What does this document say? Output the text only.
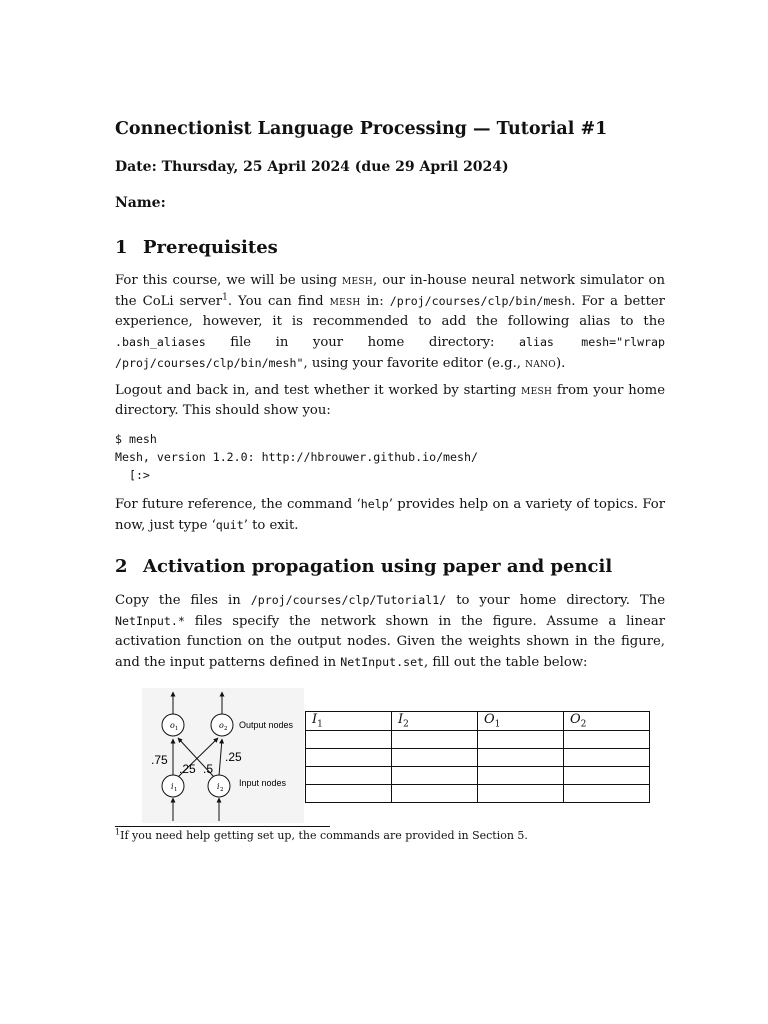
Connectionist Language Processing — Tutorial #1
Date: Thursday, 25 April 2024 (due 29 April 2024)
Name:
1 Prerequisites
For this course, we will be using mesh, our in-house neural network simulator on the CoLi server$^1$. You can find mesh in: /proj/courses/clp/bin/mesh. For a better experience, however, it is recommended to add the following alias to the .bash_aliases file in your home directory: alias mesh="rlwrap /proj/courses/clp/bin/mesh", using your favorite editor (e.g., nano).
Logout and back in, and test whether it worked by starting mesh from your home directory. This should show you:
$ mesh
Mesh, version 1.2.0: http://hbrouwer.github.io/mesh/
[:>
For future reference, the command ‘help’ provides help on a variety of topics. For now, just type ‘quit’ to exit.
2 Activation propagation using paper and pencil
Copy the files in /proj/courses/clp/Tutorial1/ to your home directory. The NetInput.* files specify the network shown in the figure. Assume a linear activation function on the output nodes. Given the weights shown in the figure, and the input patterns defined in NetInput.set, fill out the table below:
o 1	o 2
i 1	i 2
Output nodes
Input nodes
.75
.25 .5
.25
$I_1$	$I_2$	$O_1$	$O_2$

$^1$If you need help getting set up, the commands are provided in Section 5.
